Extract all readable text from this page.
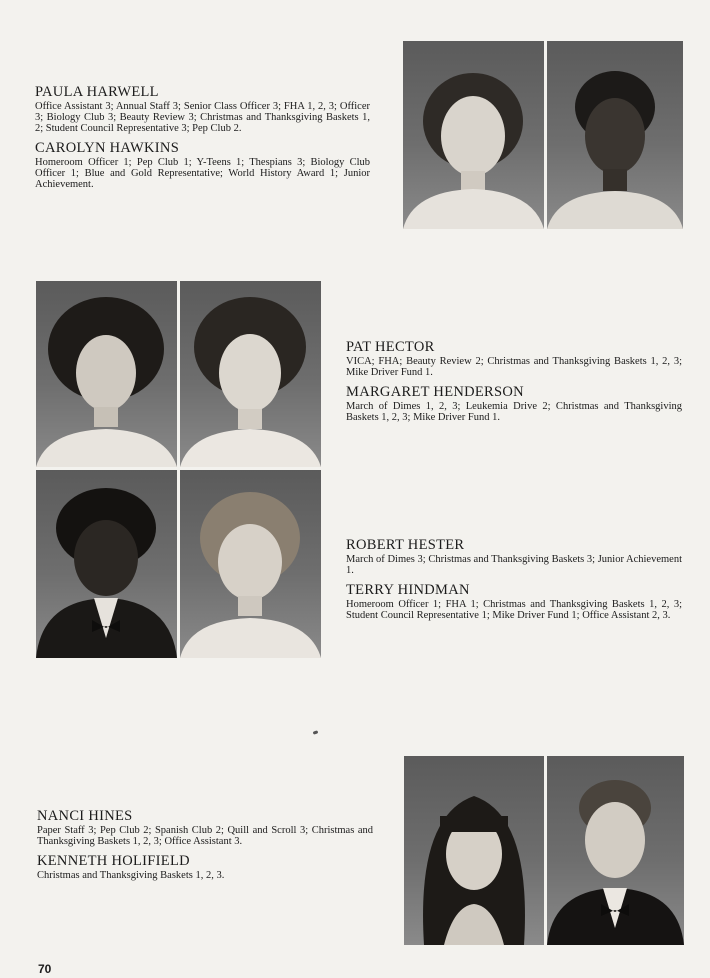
PAULA HARWELL

Office Assistant 3; Annual Staff 3; Senior Class Officer 3; FHA 1, 2, 3; Officer 3; Biology Club 3; Beauty Review 3; Christmas and Thanksgiving Baskets 1, 2; Student Council Representative 3; Pep Club 2.

CAROLYN HAWKINS

Homeroom Officer 1; Pep Club 1; Y-Teens 1; Thespians 3; Biology Club Officer 1; Blue and Gold Representative; World History Award 1; Junior Achievement.

PAT HECTOR

VICA; FHA; Beauty Review 2; Christmas and Thanksgiving Baskets 1, 2, 3; Mike Driver Fund 1.

MARGARET HENDERSON

March of Dimes 1, 2, 3; Leukemia Drive 2; Christmas and Thanksgiving Baskets 1, 2, 3; Mike Driver Fund 1.

ROBERT HESTER

March of Dimes 3; Christmas and Thanksgiving Baskets 3; Junior Achievement 1.

TERRY HINDMAN

Homeroom Officer 1; FHA 1; Christmas and Thanksgiving Baskets 1, 2, 3; Student Council Representative 1; Mike Driver Fund 1; Office Assistant 2, 3.

NANCI HINES

Paper Staff 3; Pep Club 2; Spanish Club 2; Quill and Scroll 3; Christmas and Thanksgiving Baskets 1, 2, 3; Office Assistant 3.

KENNETH HOLIFIELD

Christmas and Thanksgiving Baskets 1, 2, 3.

70
